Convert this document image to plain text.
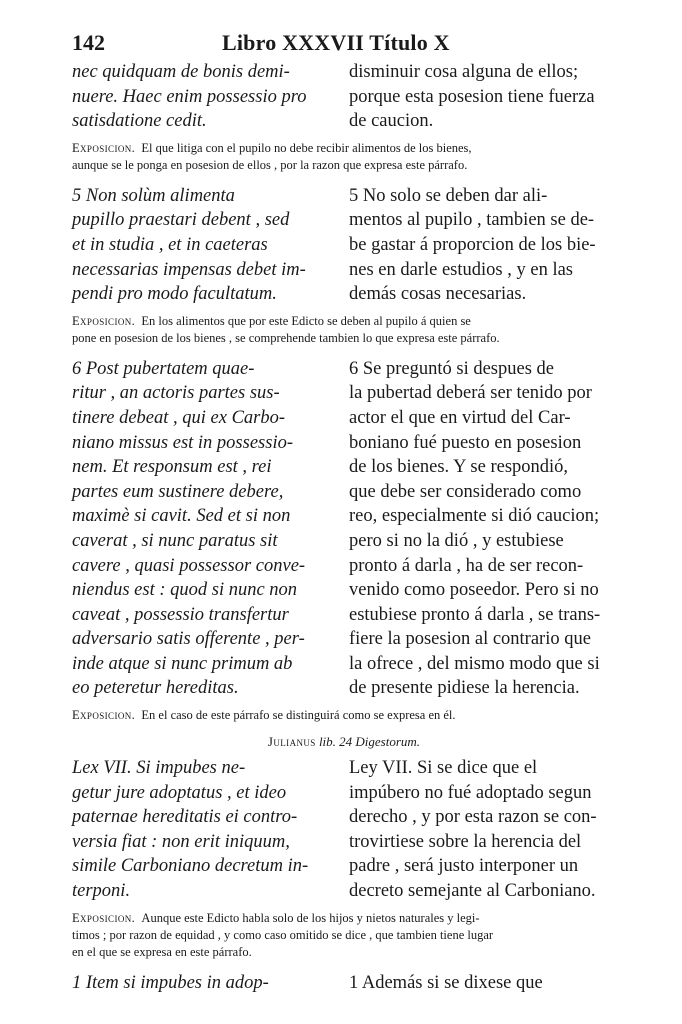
142	Libro XXXVII Título X
nec quidquam de bonis demi-
nuere. Haec enim possessio pro
satisdatione cedit.
disminuir cosa alguna de ellos;
porque esta posesion tiene fuerza
de caucion.
Exposicion. El que litiga con el pupilo no debe recibir alimentos de los bienes,
aunque se le ponga en posesion de ellos , por la razon que expresa este párrafo.
5 Non solùm alimenta
pupillo praestari debent , sed
et in studia , et in caeteras
necessarias impensas debet im-
pendi pro modo facultatum.
5 No solo se deben dar ali-
mentos al pupilo , tambien se de-
be gastar á proporcion de los bie-
nes en darle estudios , y en las
demás cosas necesarias.
Exposicion. En los alimentos que por este Edicto se deben al pupilo á quien se
pone en posesion de los bienes , se comprehende tambien lo que expresa este párrafo.
6 Post pubertatem quae-
ritur , an actoris partes sus-
tinere debeat , qui ex Carbo-
niano missus est in possessio-
nem. Et responsum est , rei
partes eum sustinere debere,
maximè si cavit. Sed et si non
caverat , si nunc paratus sit
cavere , quasi possessor conve-
niendus est : quod si nunc non
caveat , possessio transfertur
adversario satis offerente , per-
inde atque si nunc primum ab
eo peteretur hereditas.
6 Se preguntó si despues de
la pubertad deberá ser tenido por
actor el que en virtud del Car-
boniano fué puesto en posesion
de los bienes. Y se respondió,
que debe ser considerado como
reo, especialmente si dió caucion;
pero si no la dió , y estubiese
pronto á darla , ha de ser recon-
venido como poseedor. Pero si no
estubiese pronto á darla , se trans-
fiere la posesion al contrario que
la ofrece , del mismo modo que si
de presente pidiese la herencia.
Exposicion. En el caso de este párrafo se distinguirá como se expresa en él.
Julianus lib. 24 Digestorum.
Lex VII. Si impubes ne-
getur jure adoptatus , et ideo
paternae hereditatis ei contro-
versia fiat : non erit iniquum,
simile Carboniano decretum in-
terponi.
Ley VII. Si se dice que el
impúbero no fué adoptado segun
derecho , y por esta razon se con-
trovirtiese sobre la herencia del
padre , será justo interponer un
decreto semejante al Carboniano.
Exposicion. Aunque este Edicto habla solo de los hijos y nietos naturales y legi-
timos ; por razon de equidad , y como caso omitido se dice , que tambien tiene lugar
en el que se expresa en este párrafo.
1 Item si impubes in adop-	1 Además si se dixese que
